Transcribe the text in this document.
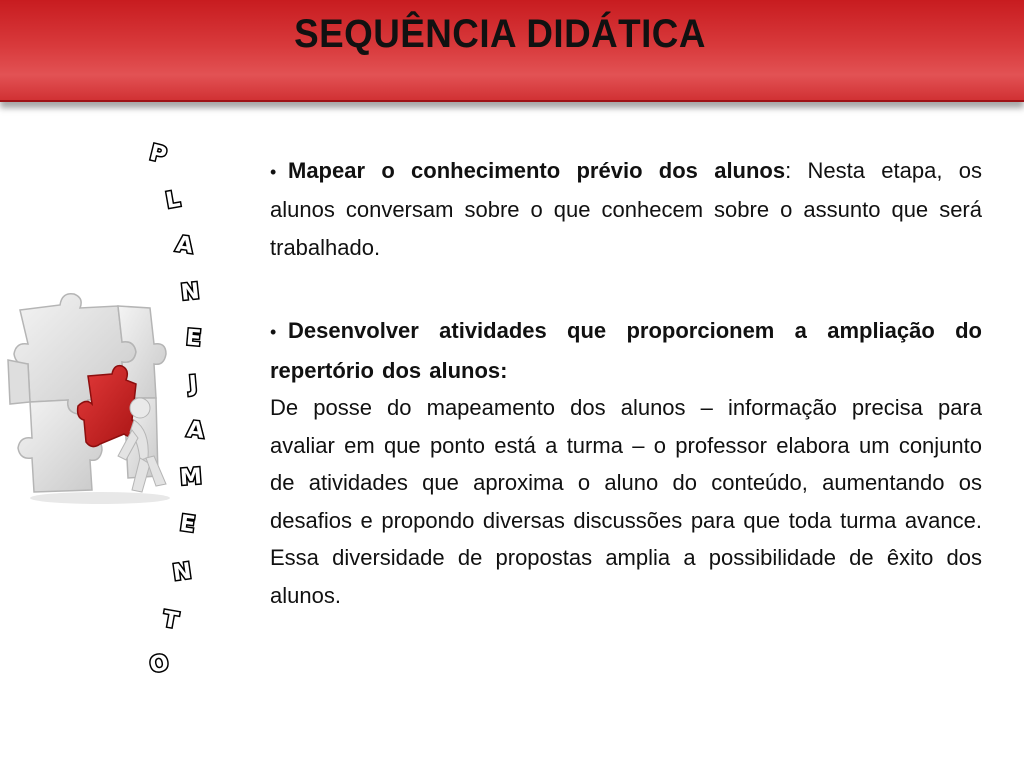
SEQUÊNCIA DIDÁTICA
P
L
A
N
E
J
A
M
E
N
T
O
• Mapear o conhecimento prévio dos alunos: Nesta etapa, os alunos conversam sobre o que conhecem sobre o assunto que será trabalhado.
• Desenvolver atividades que proporcionem a ampliação do repertório dos alunos:
De posse do mapeamento dos alunos – informação precisa para avaliar em que ponto está a turma – o professor elabora um conjunto de atividades que aproxima o aluno do conteúdo, aumentando os desafios e propondo diversas discussões para que toda turma avance. Essa diversidade de propostas amplia a possibilidade de êxito dos alunos.
